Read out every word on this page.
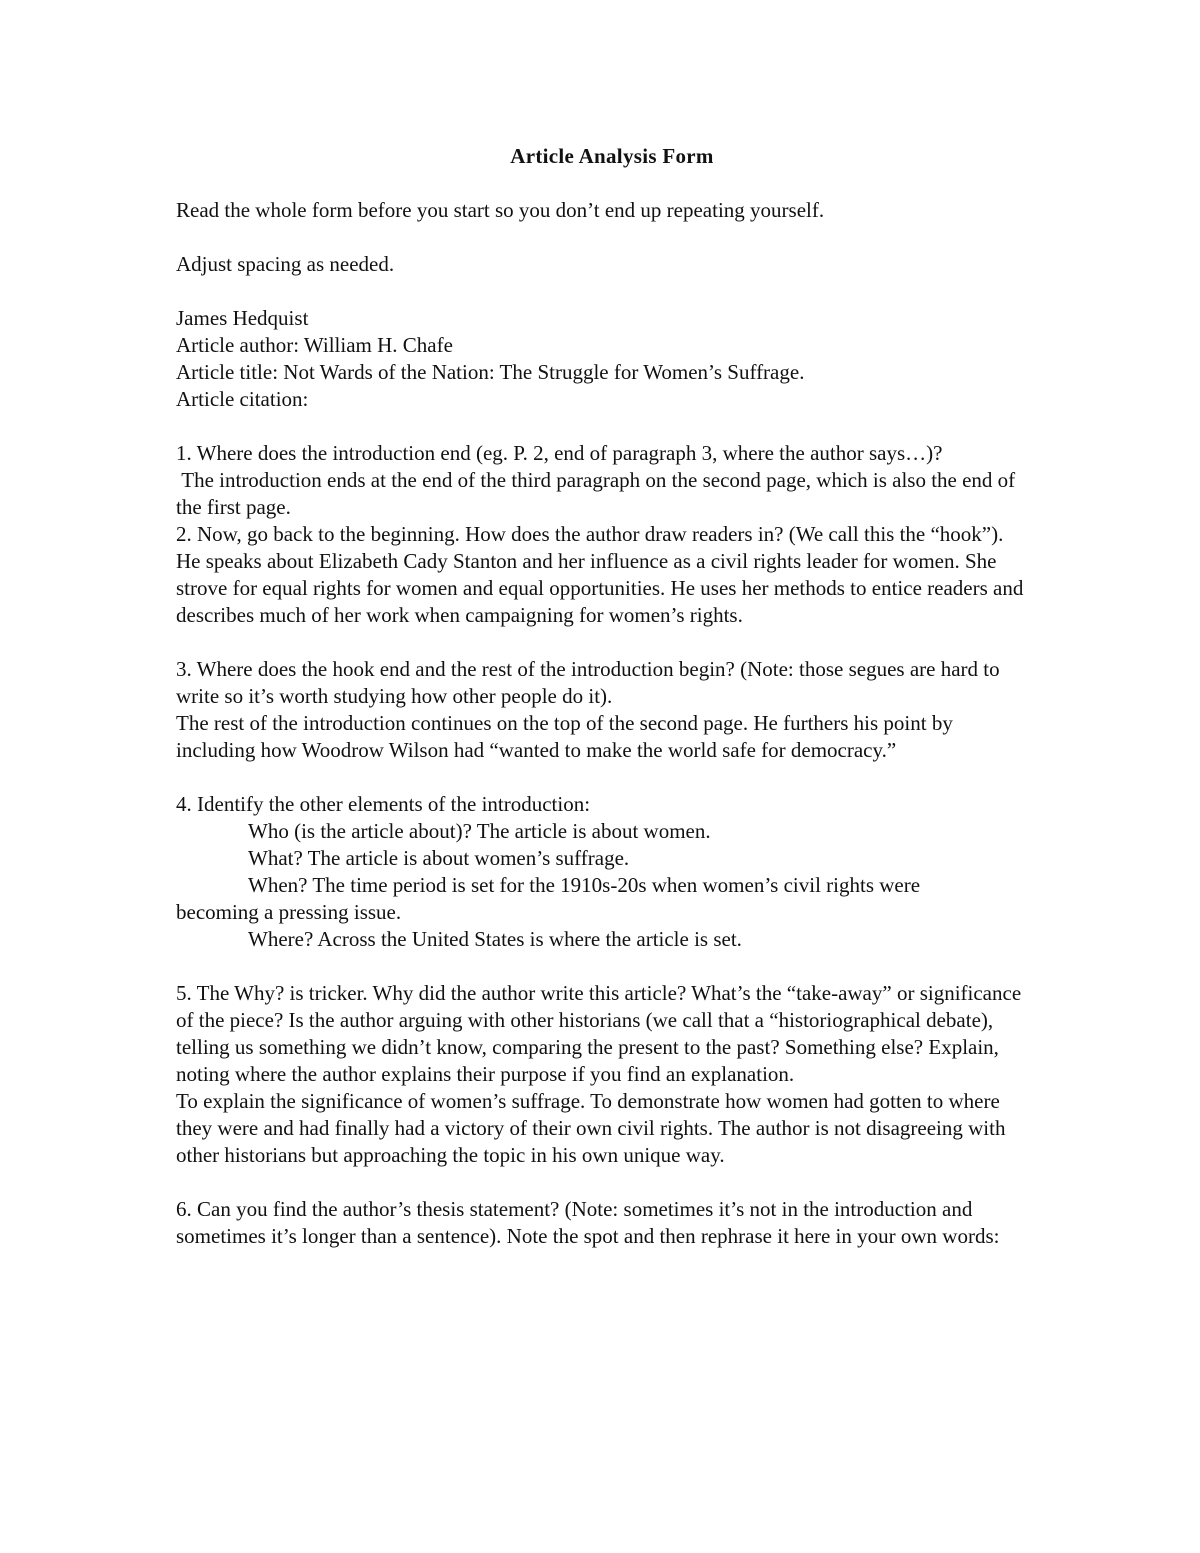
Article Analysis Form

Read the whole form before you start so you don’t end up repeating yourself.

Adjust spacing as needed.

James Hedquist

Article author: William H. Chafe

Article title: Not Wards of the Nation: The Struggle for Women’s Suffrage.

Article citation:

1. Where does the introduction end (eg. P. 2, end of paragraph 3, where the author says…)?

The introduction ends at the end of the third paragraph on the second page, which is also the end of the first page.

2. Now, go back to the beginning. How does the author draw readers in? (We call this the “hook”).

He speaks about Elizabeth Cady Stanton and her influence as a civil rights leader for women. She strove for equal rights for women and equal opportunities. He uses her methods to entice readers and describes much of her work when campaigning for women’s rights.

3. Where does the hook end and the rest of the introduction begin? (Note: those segues are hard to write so it’s worth studying how other people do it).

The rest of the introduction continues on the top of the second page. He furthers his point by including how Woodrow Wilson had “wanted to make the world safe for democracy.”

4. Identify the other elements of the introduction:

Who (is the article about)? The article is about women.

What? The article is about women’s suffrage.

When? The time period is set for the 1910s-20s when women’s civil rights were

becoming a pressing issue.

Where? Across the United States is where the article is set.

5. The Why? is tricker. Why did the author write this article? What’s the “take-away” or significance of the piece? Is the author arguing with other historians (we call that a “historiographical debate), telling us something we didn’t know, comparing the present to the past? Something else? Explain, noting where the author explains their purpose if you find an explanation.

To explain the significance of women’s suffrage. To demonstrate how women had gotten to where they were and had finally had a victory of their own civil rights. The author is not disagreeing with other historians but approaching the topic in his own unique way.

6. Can you find the author’s thesis statement? (Note: sometimes it’s not in the introduction and sometimes it’s longer than a sentence). Note the spot and then rephrase it here in your own words:
